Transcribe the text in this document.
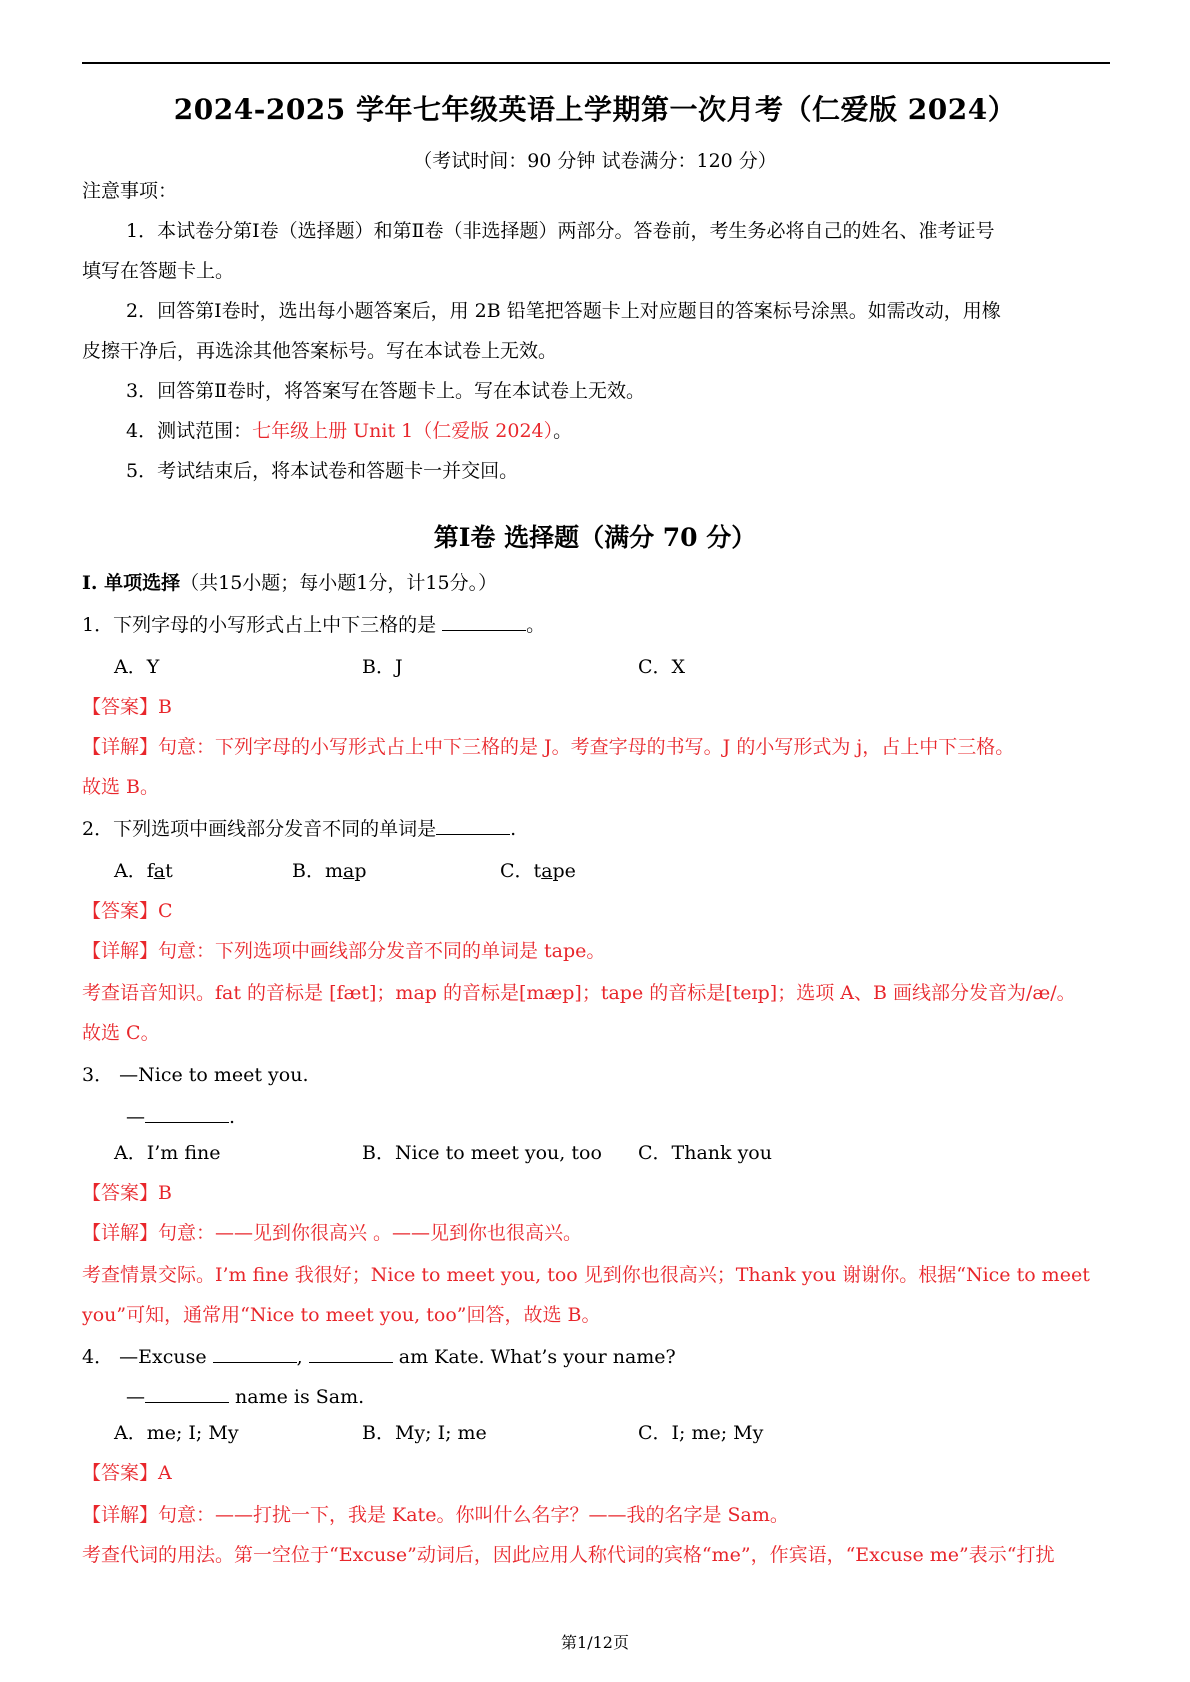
2024-2025 学年七年级英语上学期第一次月考（仁爱版 2024）
（考试时间：90 分钟 试卷满分：120 分）
注意事项：
1．本试卷分第Ⅰ卷（选择题）和第Ⅱ卷（非选择题）两部分。答卷前，考生务必将自己的姓名、准考证号
填写在答题卡上。
2．回答第Ⅰ卷时，选出每小题答案后，用 2B 铅笔把答题卡上对应题目的答案标号涂黑。如需改动，用橡
皮擦干净后，再选涂其他答案标号。写在本试卷上无效。
3．回答第Ⅱ卷时，将答案写在答题卡上。写在本试卷上无效。
4．测试范围：七年级上册 Unit 1（仁爱版 2024）。
5．考试结束后，将本试卷和答题卡一并交回。
第Ⅰ卷 选择题（满分 70 分）
I. 单项选择（共15小题；每小题1分，计15分。）
1．下列字母的小写形式占上中下三格的是	。
A．Y	B．J	C．X
【答案】B
【详解】句意：下列字母的小写形式占上中下三格的是 J。考查字母的书写。J 的小写形式为 j，占上中下三格。
故选 B。
2．下列选项中画线部分发音不同的单词是	.
A．fat	B．map	C．tape
【答案】C
【详解】句意：下列选项中画线部分发音不同的单词是 tape。
考查语音知识。fat 的音标是 [fæt]；map 的音标是[mæp]；tape 的音标是[teɪp]；选项 A、B 画线部分发音为/æ/。
故选 C。
3． —Nice to meet you.
—	.
A．I’m fine	B．Nice to meet you, too C．Thank you
【答案】B
【详解】句意：——见到你很高兴 。——见到你也很高兴。
考查情景交际。I’m fine 我很好；Nice to meet you, too 见到你也很高兴；Thank you 谢谢你。根据“Nice to meet
you”可知，通常用“Nice to meet you, too”回答，故选 B。
4． —Excuse	,	am Kate. What’s your name?
—	name is Sam.
A．me; I; My	B．My; I; me	C．I; me; My
【答案】A
【详解】句意：——打扰一下，我是 Kate。你叫什么名字？——我的名字是 Sam。
考查代词的用法。第一空位于“Excuse”动词后，因此应用人称代词的宾格“me”，作宾语，“Excuse me”表示“打扰
第1/12页
